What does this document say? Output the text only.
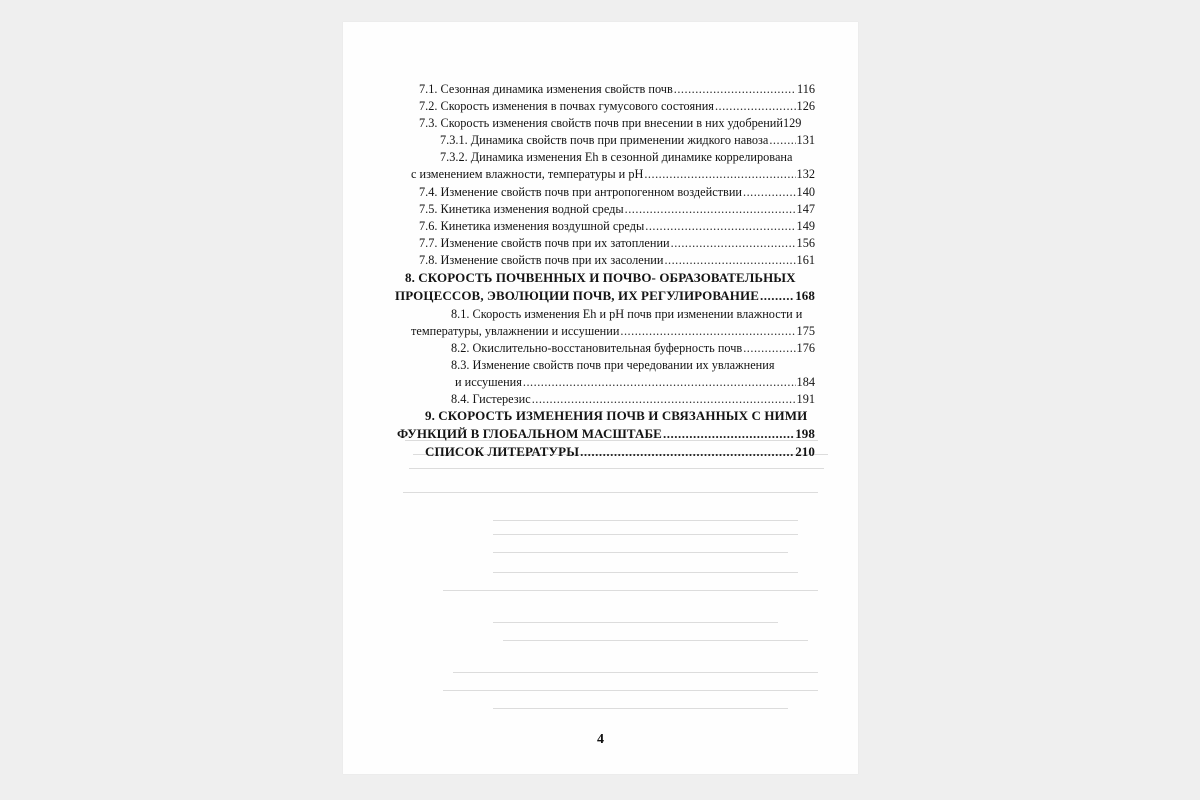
7.1. Сезонная динамика изменения свойств почв .....	116
7.2. Скорость изменения в почвах гумусового состояния .....	126
7.3. Скорость изменения свойств почв при внесении в них удобрений 129
7.3.1. Динамика свойств почв при применении жидкого навоза ..... 131
7.3.2. Динамика изменения Eh в сезонной динамике коррелирована
с изменением влажности, температуры и pH .....	132
7.4. Изменение свойств почв при антропогенном воздействии .....	140
7.5. Кинетика изменения водной среды .....	147
7.6. Кинетика изменения воздушной среды .....	149
7.7. Изменение свойств почв при их затоплении .....	156
7.8. Изменение свойств почв при их засолении .....	161
8. СКОРОСТЬ ПОЧВЕННЫХ И ПОЧВО- ОБРАЗОВАТЕЛЬНЫХ
ПРОЦЕССОВ, ЭВОЛЮЦИИ ПОЧВ, ИХ РЕГУЛИРОВАНИЕ .....	168
8.1. Скорость изменения Eh и pH почв при изменении влажности и
температуры, увлажнении и иссушении .....	175
8.2. Окислительно-восстановительная буферность почв .....	176
8.3. Изменение свойств почв при чередовании их увлажнения
и иссушения .....	184
8.4. Гистерезис .....	191
9. СКОРОСТЬ ИЗМЕНЕНИЯ ПОЧВ И СВЯЗАННЫХ С НИМИ
ФУНКЦИЙ В ГЛОБАЛЬНОМ МАСШТАБЕ .....	198
СПИСОК ЛИТЕРАТУРЫ .....	210
4
